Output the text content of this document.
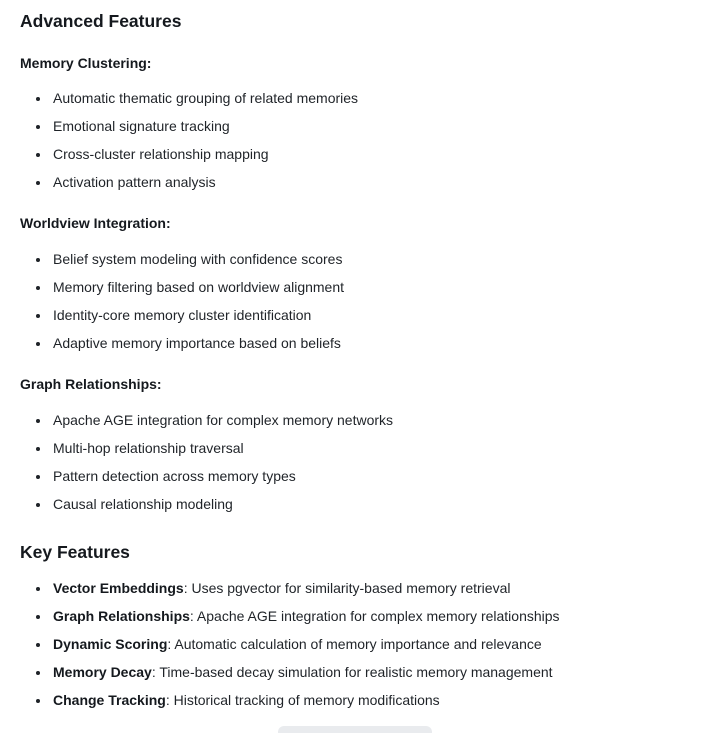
Advanced Features

Memory Clustering:

• Automatic thematic grouping of related memories
• Emotional signature tracking
• Cross-cluster relationship mapping
• Activation pattern analysis

Worldview Integration:

• Belief system modeling with confidence scores
• Memory filtering based on worldview alignment
• Identity-core memory cluster identification
• Adaptive memory importance based on beliefs

Graph Relationships:

• Apache AGE integration for complex memory networks
• Multi-hop relationship traversal
• Pattern detection across memory types
• Causal relationship modeling
Key Features
• Vector Embeddings: Uses pgvector for similarity-based memory retrieval
• Graph Relationships: Apache AGE integration for complex memory relationships
• Dynamic Scoring: Automatic calculation of memory importance and relevance
• Memory Decay: Time-based decay simulation for realistic memory management
• Change Tracking: Historical tracking of memory modifications
